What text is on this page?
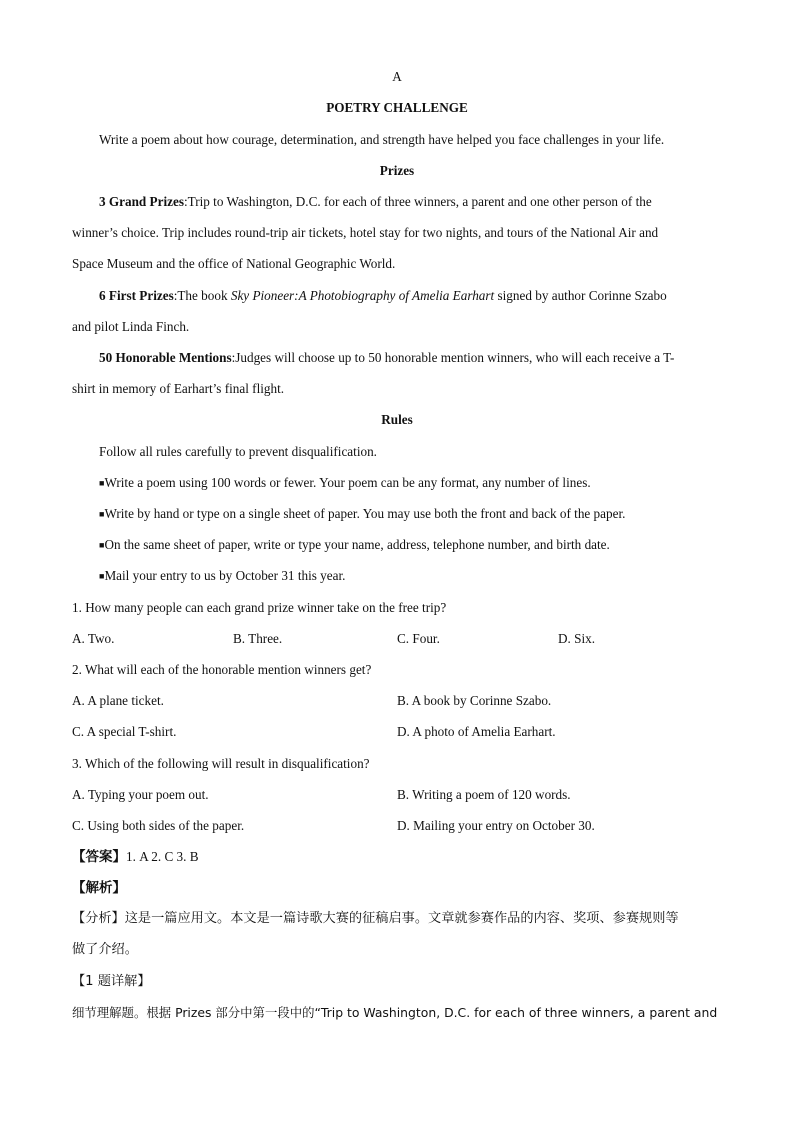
A
POETRY CHALLENGE
Write a poem about how courage, determination, and strength have helped you face challenges in your life.
Prizes
3 Grand Prizes:Trip to Washington, D.C. for each of three winners, a parent and one other person of the
winner’s choice. Trip includes round-trip air tickets, hotel stay for two nights, and tours of the National Air and
Space Museum and the office of National Geographic World.
6 First Prizes:The book Sky Pioneer:A Photobiography of Amelia Earhart signed by author Corinne Szabo
and pilot Linda Finch.
50 Honorable Mentions:Judges will choose up to 50 honorable mention winners, who will each receive a T-
shirt in memory of Earhart’s final flight.
Rules
Follow all rules carefully to prevent disqualification.
■Write a poem using 100 words or fewer. Your poem can be any format, any number of lines.
■Write by hand or type on a single sheet of paper. You may use both the front and back of the paper.
■On the same sheet of paper, write or type your name, address, telephone number, and birth date.
■Mail your entry to us by October 31 this year.
1. How many people can each grand prize winner take on the free trip?
A. Two.	B. Three.	C. Four.	D. Six.
2. What will each of the honorable mention winners get?
A. A plane ticket.	B. A book by Corinne Szabo.
C. A special T-shirt.	D. A photo of Amelia Earhart.
3. Which of the following will result in disqualification?
A. Typing your poem out.	B. Writing a poem of 120 words.
C. Using both sides of the paper.	D. Mailing your entry on October 30.
【答案】1. A 2. C 3. B
【解析】
【分析】这是一篇应用文。本文是一篇诗歌大赛的征稿启事。文章就参赛作品的内容、奖项、参赛规则等
做了介绍。
【1 题详解】
细节理解题。根据 Prizes 部分中第一段中的“Trip to Washington, D.C. for each of three winners, a parent and
